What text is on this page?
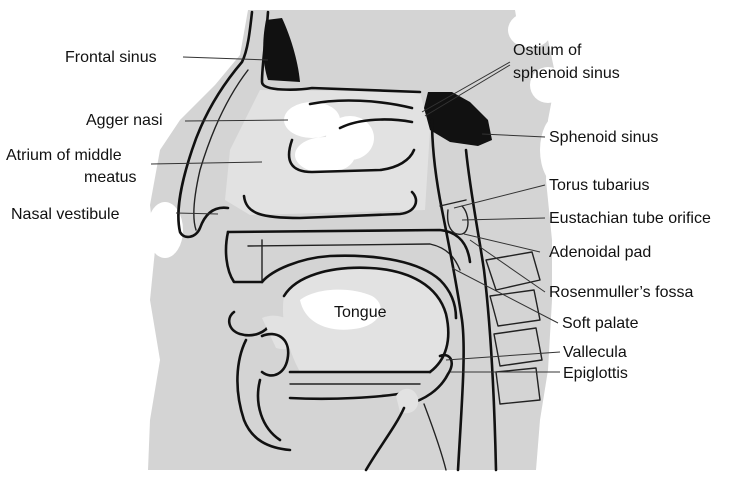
Frontal sinus
Agger nasi
Atrium of middle
meatus
Nasal vestibule
Ostium of
sphenoid sinus
Sphenoid sinus
Torus tubarius
Eustachian tube orifice
Adenoidal pad
Rosenmuller’s fossa
Soft palate
Vallecula
Epiglottis
Tongue
